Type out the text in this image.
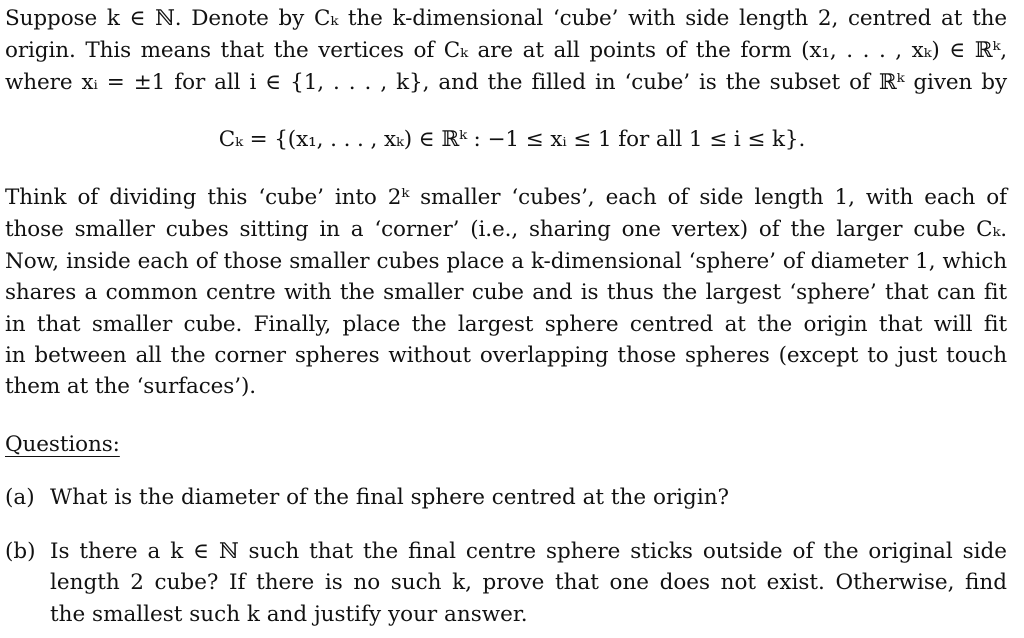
Suppose k ∈ ℕ. Denote by Cₖ the k-dimensional ‘cube’ with side length 2, centred at the
origin. This means that the vertices of Cₖ are at all points of the form (x₁, . . . , xₖ) ∈ ℝᵏ,
where xᵢ = ±1 for all i ∈ {1, . . . , k}, and the filled in ‘cube’ is the subset of ℝᵏ given by
Cₖ = {(x₁, . . . , xₖ) ∈ ℝᵏ : −1 ≤ xᵢ ≤ 1 for all 1 ≤ i ≤ k}.
Think of dividing this ‘cube’ into 2ᵏ smaller ‘cubes’, each of side length 1, with each of
those smaller cubes sitting in a ‘corner’ (i.e., sharing one vertex) of the larger cube Cₖ.
Now, inside each of those smaller cubes place a k-dimensional ‘sphere’ of diameter 1, which
shares a common centre with the smaller cube and is thus the largest ‘sphere’ that can fit
in that smaller cube. Finally, place the largest sphere centred at the origin that will fit
in between all the corner spheres without overlapping those spheres (except to just touch
them at the ‘surfaces’).
Questions:
(a) What is the diameter of the final sphere centred at the origin?
(b) Is there a k ∈ ℕ such that the final centre sphere sticks outside of the original side
length 2 cube? If there is no such k, prove that one does not exist. Otherwise, find
the smallest such k and justify your answer.
